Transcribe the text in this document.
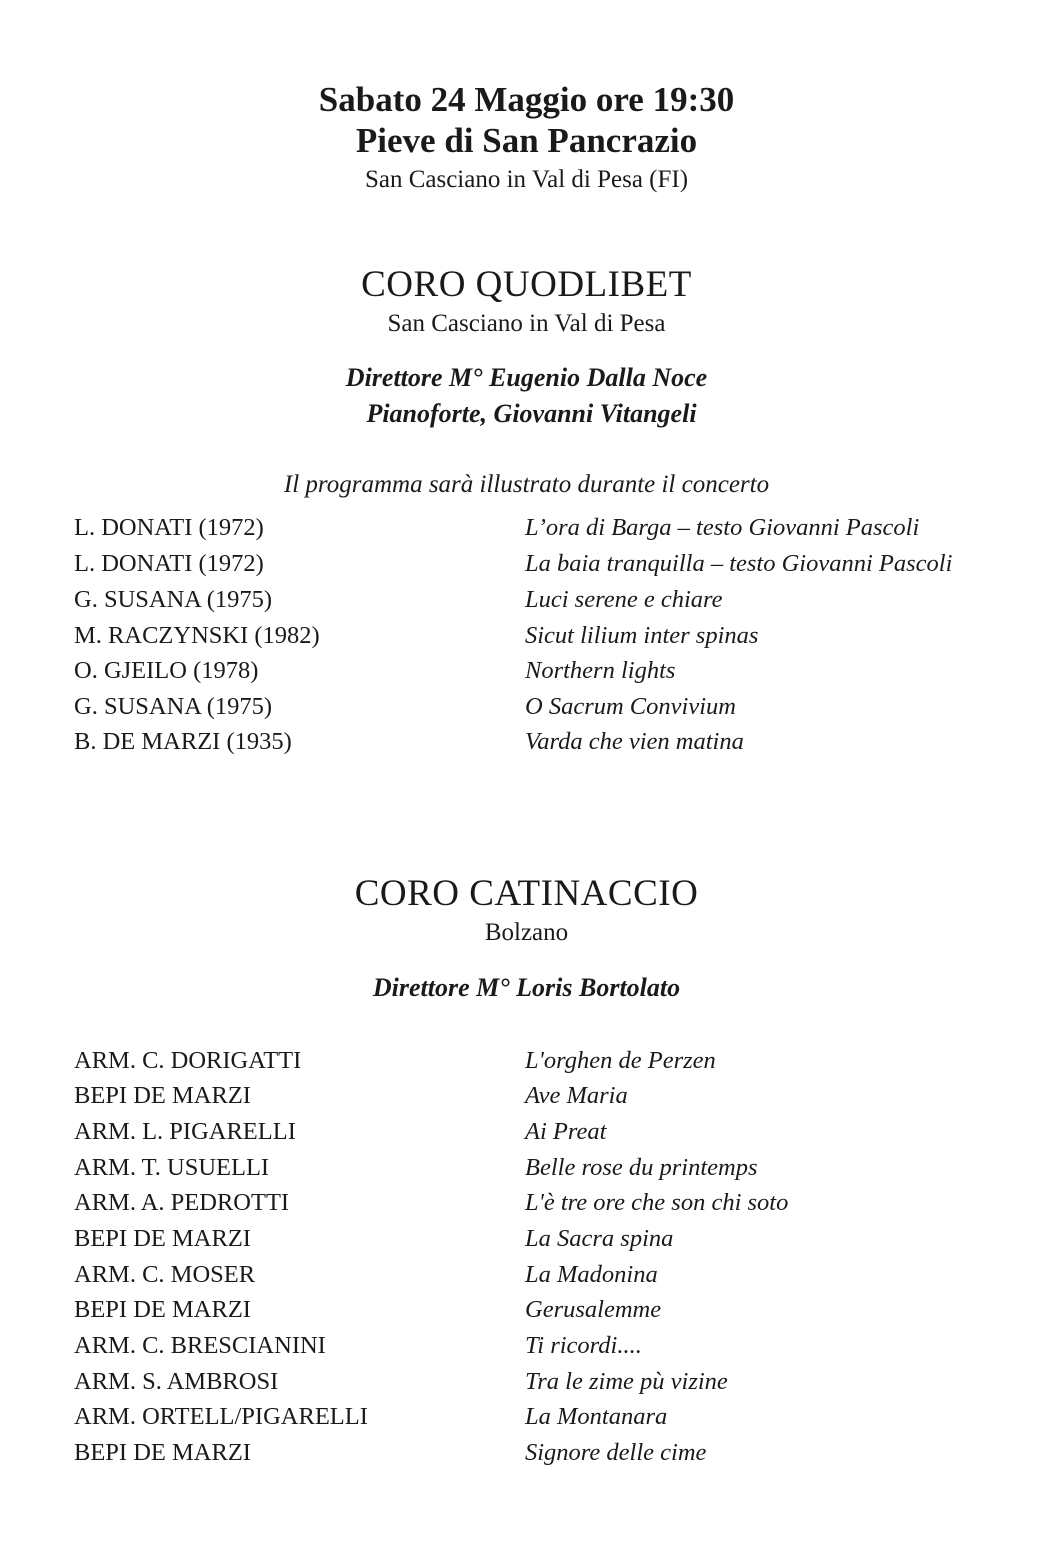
Sabato 24 Maggio ore 19:30
Pieve di San Pancrazio
San Casciano in Val di Pesa (FI)
CORO QUODLIBET
San Casciano in Val di Pesa
Direttore M° Eugenio Dalla Noce
Pianoforte, Giovanni Vitangeli
Il programma sarà illustrato durante il concerto
L. DONATI (1972)	L’ora di Barga – testo Giovanni Pascoli
L. DONATI (1972)	La baia tranquilla – testo Giovanni Pascoli
G. SUSANA (1975)	Luci serene e chiare
M. RACZYNSKI (1982)	Sicut lilium inter spinas
O. GJEILO (1978)	Northern lights
G. SUSANA (1975)	O Sacrum Convivium
B. DE MARZI (1935)	Varda che vien matina
CORO CATINACCIO
Bolzano
Direttore M° Loris Bortolato
ARM. C. DORIGATTI	L'orghen de Perzen
BEPI DE MARZI	Ave Maria
ARM. L. PIGARELLI	Ai Preat
ARM. T. USUELLI	Belle rose du printemps
ARM. A. PEDROTTI	L'è tre ore che son chi soto
BEPI DE MARZI	La Sacra spina
ARM. C. MOSER	La Madonina
BEPI DE MARZI	Gerusalemme
ARM. C. BRESCIANINI	Ti ricordi....
ARM. S. AMBROSI	Tra le zime pù vizine
ARM. ORTELL/PIGARELLI	La Montanara
BEPI DE MARZI	Signore delle cime
